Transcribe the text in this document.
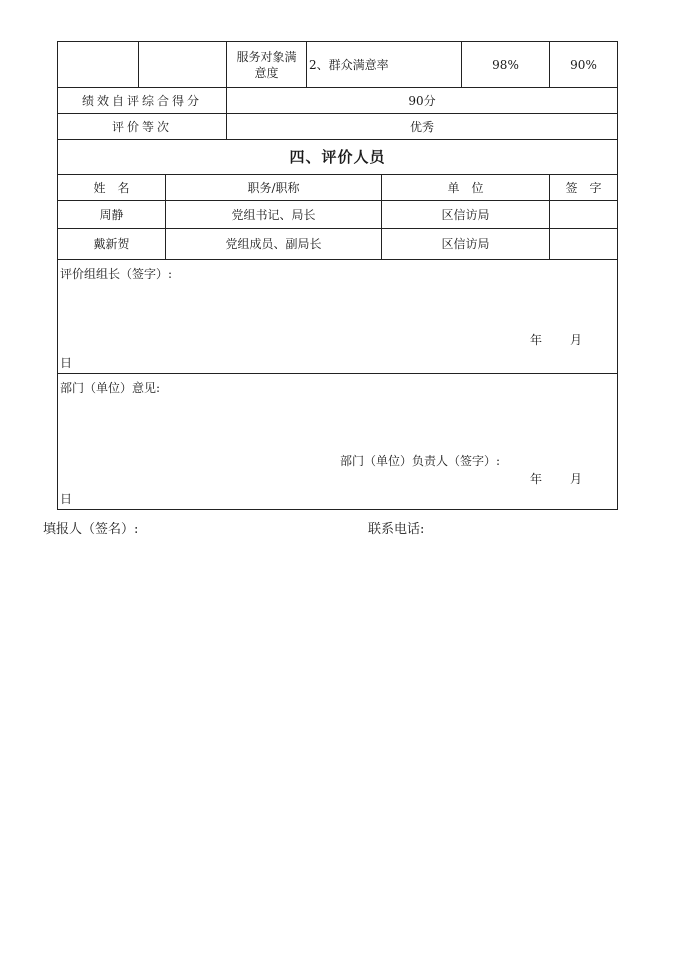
			服务对象满意度	2、群众满意率		98%	90%
绩效自评综合得分			90分				
评价等次			优秀				
四、评价人员							
姓　名		职务/职称			单　位		签　字
周静		党组书记、局长			区信访局		
戴新贺		党组成员、副局长			区信访局		

评价组组长（签字）:
年 月
日							

部门（单位）意见:
部门（单位）负责人（签字）:
年 月
日							
填报人（签名）:	联系电话:
